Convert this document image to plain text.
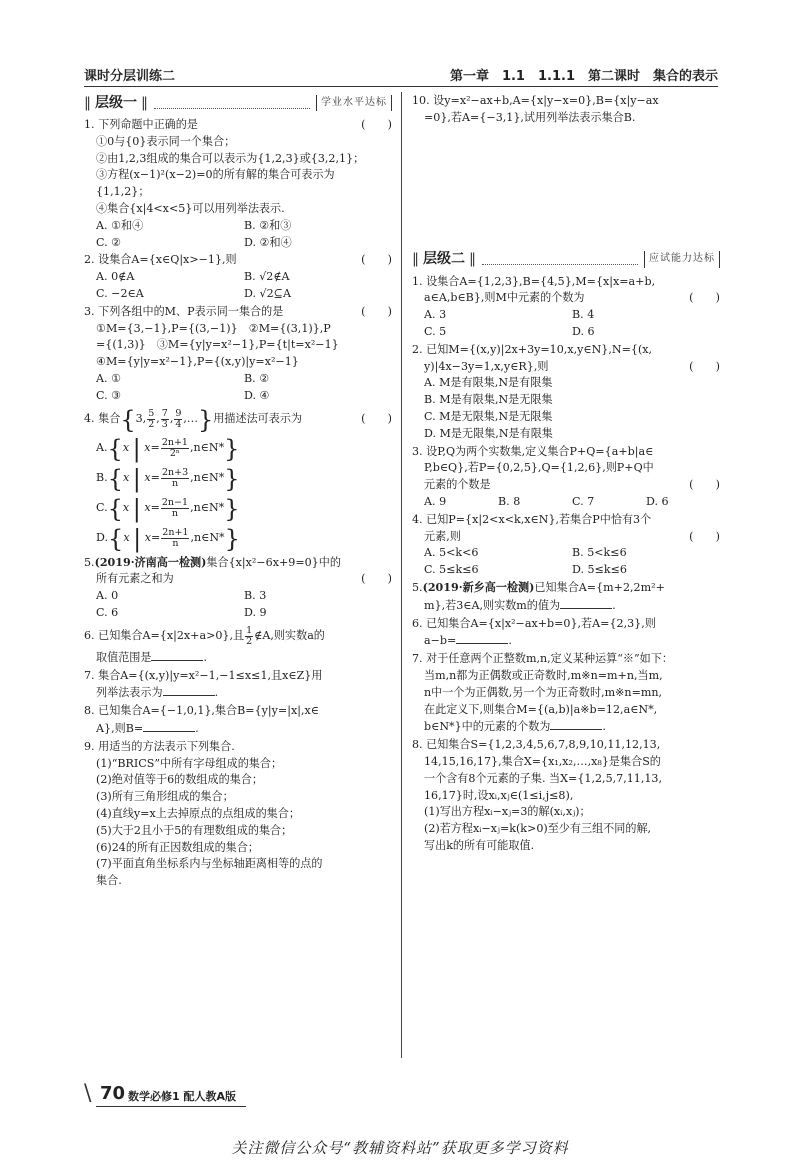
课时分层训练二	第一章　1.1　1.1.1　第二课时　集合的表示
‖ 层级一 ‖	学业水平达标
1. 下列命题中正确的是	(　　)

①0与{0}表示同一个集合；

②由1,2,3组成的集合可以表示为{1,2,3}或{3,2,1}；

③方程(x−1)²(x−2)=0的所有解的集合可表示为

{1,1,2}；

④集合{x|4<x<5}可以用列举法表示.

A. ①和④	B. ②和③
C. ②	D. ②和④
2. 设集合A={x∈Q|x>−1},则	(　　)
A. 0∉A	B. √2∉A
C. −2∈A	D. √2⊆A
3. 下列各组中的M、P表示同一集合的是	(　　)

①M={3,−1},P={(3,−1)}　②M={(3,1)},P

={(1,3)}　③M={y|y=x²−1},P={t|t=x²−1}

④M={y|y=x²−1},P={(x,y)|y=x²−1}

A. ①	B. ②
C. ③	D. ④
4. 集合 { 3, $\frac{5}{2}$ , $\frac{7}{3}$ , $\frac{9}{4}$ ,… } 用描述法可表示为	(　　)
A. { x
|
$x = \frac{2n+1}{\text{2ⁿ}}$ ,n∈N* }
B. { x
|
$x = \frac{2n+3}{n}$ ,n∈N* }
C. { x
|
$x = \frac{2n-1}{n}$ ,n∈N* }
D. { x
|
$x = \frac{2n+1}{n}$ ,n∈N* }
5.(2019·济南高一检测)集合{x|x²−6x+9=0}中的
所有元素之和为	(　　)
A. 0	B. 3
C. 6	D. 9
6. 已知集合A={x|2x+a>0},且 $\frac{1}{2}$ ∉A,则实数a的

取值范围是	.

7. 集合A={(x,y)|y=x²−1,−1≤x≤1,且x∈Z}用

列举法表示为	.

8. 已知集合A={−1,0,1},集合B={y|y=|x|,x∈

A},则B=	.

9. 用适当的方法表示下列集合.

(1)“BRICS”中所有字母组成的集合；

(2)绝对值等于6的数组成的集合；

(3)所有三角形组成的集合；

(4)直线y=x上去掉原点的点组成的集合；

(5)大于2且小于5的有理数组成的集合；

(6)24的所有正因数组成的集合；

(7)平面直角坐标系内与坐标轴距离相等的点的

集合.

10. 设y=x²−ax+b,A={x|y−x=0},B={x|y−ax

=0},若A={−3,1},试用列举法表示集合B.

‖ 层级二 ‖	应试能力达标

1. 设集合A={1,2,3},B={4,5},M={x|x=a+b,

a∈A,b∈B},则M中元素的个数为	(　　)
A. 3	B. 4
C. 5	D. 6

2. 已知M={(x,y)|2x+3y=10,x,y∈N},N={(x,

y)|4x−3y=1,x,y∈R},则	(　　)

A. M是有限集,N是有限集

B. M是有限集,N是无限集

C. M是无限集,N是无限集

D. M是无限集,N是有限集

3. 设P,Q为两个实数集,定义集合P+Q={a+b|a∈

P,b∈Q},若P={0,2,5},Q={1,2,6},则P+Q中

元素的个数是	(　　)
A. 9	B. 8	C. 7	D. 6

4. 已知P={x|2<x<k,x∈N},若集合P中恰有3个

元素,则	(　　)
A. 5<k<6	B. 5<k≤6
C. 5≤k≤6	D. 5≤k≤6

5.(2019·新乡高一检测)已知集合A={m+2,2m²+

m},若3∈A,则实数m的值为	.

6. 已知集合A={x|x²−ax+b=0},若A={2,3},则

a−b=	.

7. 对于任意两个正整数m,n,定义某种运算“※”如下：

当m,n都为正偶数或正奇数时,m※n=m+n,当m,

n中一个为正偶数,另一个为正奇数时,m※n=mn,

在此定义下,则集合M={(a,b)|a※b=12,a∈N*,

b∈N*}中的元素的个数为	.

8. 已知集合S={1,2,3,4,5,6,7,8,9,10,11,12,13,

14,15,16,17},集合X={x₁,x₂,…,x₈}是集合S的

一个含有8个元素的子集. 当X={1,2,5,7,11,13,

16,17}时,设xᵢ,xⱼ∈(1≤i,j≤8),

(1)写出方程xᵢ−xⱼ=3的解(xᵢ,xⱼ)；

(2)若方程xᵢ−xⱼ=k(k>0)至少有三组不同的解,

写出k的所有可能取值.

\ 70 数学必修1 配人教A版
关注微信公众号“教辅资料站”获取更多学习资料
